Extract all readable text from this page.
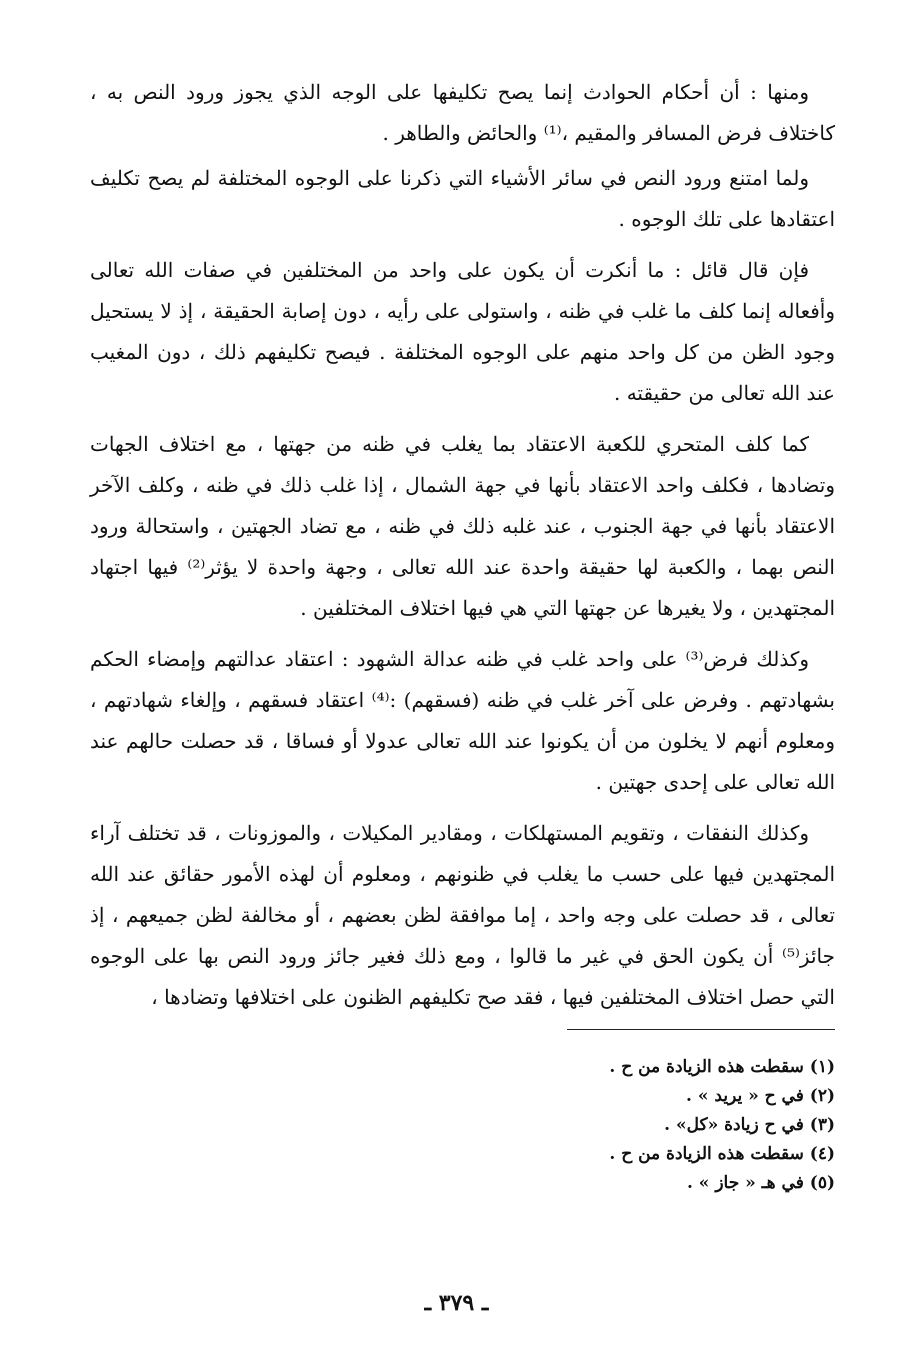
ومنها : أن أحكام الحوادث إنما يصح تكليفها على الوجه الذي يجوز ورود النص به ، كاختلاف فرض المسافر والمقيم ،⁽¹⁾ والحائض والطاهر .

ولما امتنع ورود النص في سائر الأشياء التي ذكرنا على الوجوه المختلفة لم يصح تكليف اعتقادها على تلك الوجوه .

فإن قال قائل : ما أنكرت أن يكون على واحد من المختلفين في صفات الله تعالى وأفعاله إنما كلف ما غلب في ظنه ، واستولى على رأيه ، دون إصابة الحقيقة ، إذ لا يستحيل وجود الظن من كل واحد منهم على الوجوه المختلفة . فيصح تكليفهم ذلك ، دون المغيب عند الله تعالى من حقيقته .

كما كلف المتحري للكعبة الاعتقاد بما يغلب في ظنه من جهتها ، مع اختلاف الجهات وتضادها ، فكلف واحد الاعتقاد بأنها في جهة الشمال ، إذا غلب ذلك في ظنه ، وكلف الآخر الاعتقاد بأنها في جهة الجنوب ، عند غلبه ذلك في ظنه ، مع تضاد الجهتين ، واستحالة ورود النص بهما ، والكعبة لها حقيقة واحدة عند الله تعالى ، وجهة واحدة لا يؤثر⁽²⁾ فيها اجتهاد المجتهدين ، ولا يغيرها عن جهتها التي هي فيها اختلاف المختلفين .

وكذلك فرض⁽³⁾ على واحد غلب في ظنه عدالة الشهود : اعتقاد عدالتهم وإمضاء الحكم بشهادتهم . وفرض على آخر غلب في ظنه (فسقهم) :⁽⁴⁾ اعتقاد فسقهم ، وإلغاء شهادتهم ، ومعلوم أنهم لا يخلون من أن يكونوا عند الله تعالى عدولا أو فساقا ، قد حصلت حالهم عند الله تعالى على إحدى جهتين .

وكذلك النفقات ، وتقويم المستهلكات ، ومقادير المكيلات ، والموزونات ، قد تختلف آراء المجتهدين فيها على حسب ما يغلب في ظنونهم ، ومعلوم أن لهذه الأمور حقائق عند الله تعالى ، قد حصلت على وجه واحد ، إما موافقة لظن بعضهم ، أو مخالفة لظن جميعهم ، إذ جائز⁽⁵⁾ أن يكون الحق في غير ما قالوا ، ومع ذلك فغير جائز ورود النص بها على الوجوه التي حصل اختلاف المختلفين فيها ، فقد صح تكليفهم الظنون على اختلافها وتضادها ،

(١) سقطت هذه الزيادة من ح .
(٢) في ح « يريد » .
(٣) في ح زيادة «كل» .
(٤) سقطت هذه الزيادة من ح .
(٥) في هـ « جاز » .
ـ ٣٧٩ ـ
